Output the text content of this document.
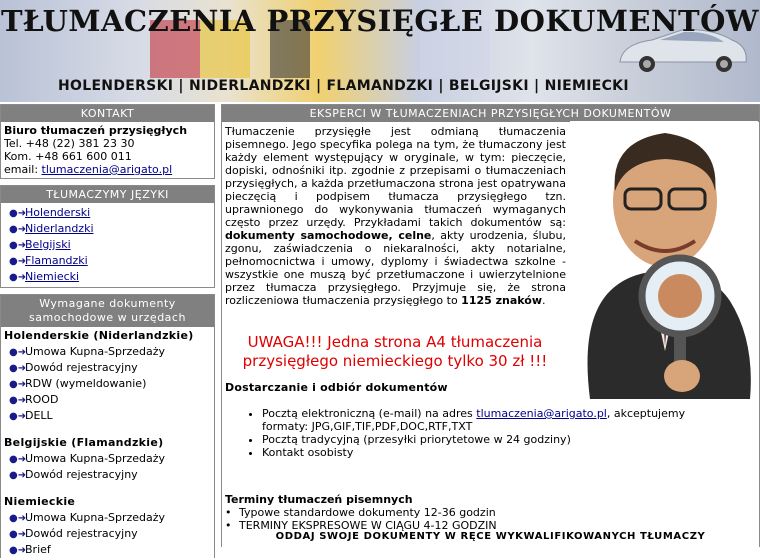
TŁUMACZENIA PRZYSIĘGŁE DOKUMENTÓW
HOLENDERSKI | NIDERLANDZKI | FLAMANDZKI | BELGIJSKI | NIEMIECKI
KONTAKT
Biuro tłumaczeń przysięgłych
Tel. +48 (22) 381 23 30
Kom. +48 661 600 011
email: tlumaczenia@arigato.pl
TŁUMACZYMY JĘZYKI
●➜Holenderski
●➜Niderlandzki
●➜Belgijski
●➜Flamandzki
●➜Niemiecki
Wymagane dokumenty samochodowe w urzędach
Holenderskie (Niderlandzkie)
●➜Umowa Kupna-Sprzedaży
●➜Dowód rejestracyjny
●➜RDW (wymeldowanie)
●➜ROOD
●➜DELL
Belgijskie (Flamandzkie)
●➜Umowa Kupna-Sprzedaży
●➜Dowód rejestracyjny
Niemieckie
●➜Umowa Kupna-Sprzedaży
●➜Dowód rejestracyjny
●➜Brief
EKSPERCI W TŁUMACZENIACH PRZYSIĘGŁYCH DOKUMENTÓW
Tłumaczenie przysięgłe jest odmianą tłumaczenia pisemnego. Jego specyfika polega na tym, że tłumaczony jest każdy element występujący w oryginale, w tym: pieczęcie, dopiski, odnośniki itp. zgodnie z przepisami o tłumaczeniach przysięgłych, a każda przetłumaczona strona jest opatrywana pieczęcią i podpisem tłumacza przysięgłego tzn. uprawnionego do wykonywania tłumaczeń wymaganych często przez urzędy. Przykładami takich dokumentów są: dokumenty samochodowe, celne, akty urodzenia, ślubu, zgonu, zaświadczenia o niekaralności, akty notarialne, pełnomocnictwa i umowy, dyplomy i świadectwa szkolne - wszystkie one muszą być przetłumaczone i uwierzytelnione przez tłumacza przysięgłego. Przyjmuje się, że strona rozliczeniowa tłumaczenia przysięgłego to 1125 znaków.
UWAGA!!! Jedna strona A4 tłumaczenia
przysięgłego niemieckiego tylko 30 zł !!!
Dostarczanie i odbiór dokumentów
• Pocztą elektroniczną (e-mail) na adres tlumaczenia@arigato.pl, akceptujemy formaty: JPG,GIF,TIF,PDF,DOC,RTF,TXT
• Pocztą tradycyjną (przesyłki priorytetowe w 24 godziny)
• Kontakt osobisty
Terminy tłumaczeń pisemnych
• Typowe standardowe dokumenty 12-36 godzin
• TERMINY EKSPRESOWE W CIĄGU 4-12 GODZIN
ODDAJ SWOJE DOKUMENTY W RĘCE WYKWALIFIKOWANYCH TŁUMACZY
